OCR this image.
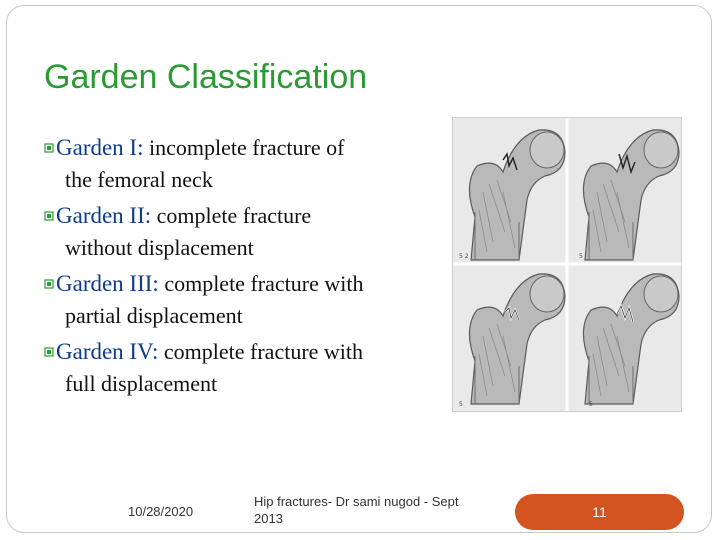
Garden Classification
Garden I: incomplete fracture of
the femoral neck
Garden II: complete fracture
without displacement
Garden III: complete fracture with
partial displacement
Garden IV: complete fracture with
full displacement
5 2	5
5	5
10/28/2020
Hip fractures- Dr sami nugod - Sept 2013	11
